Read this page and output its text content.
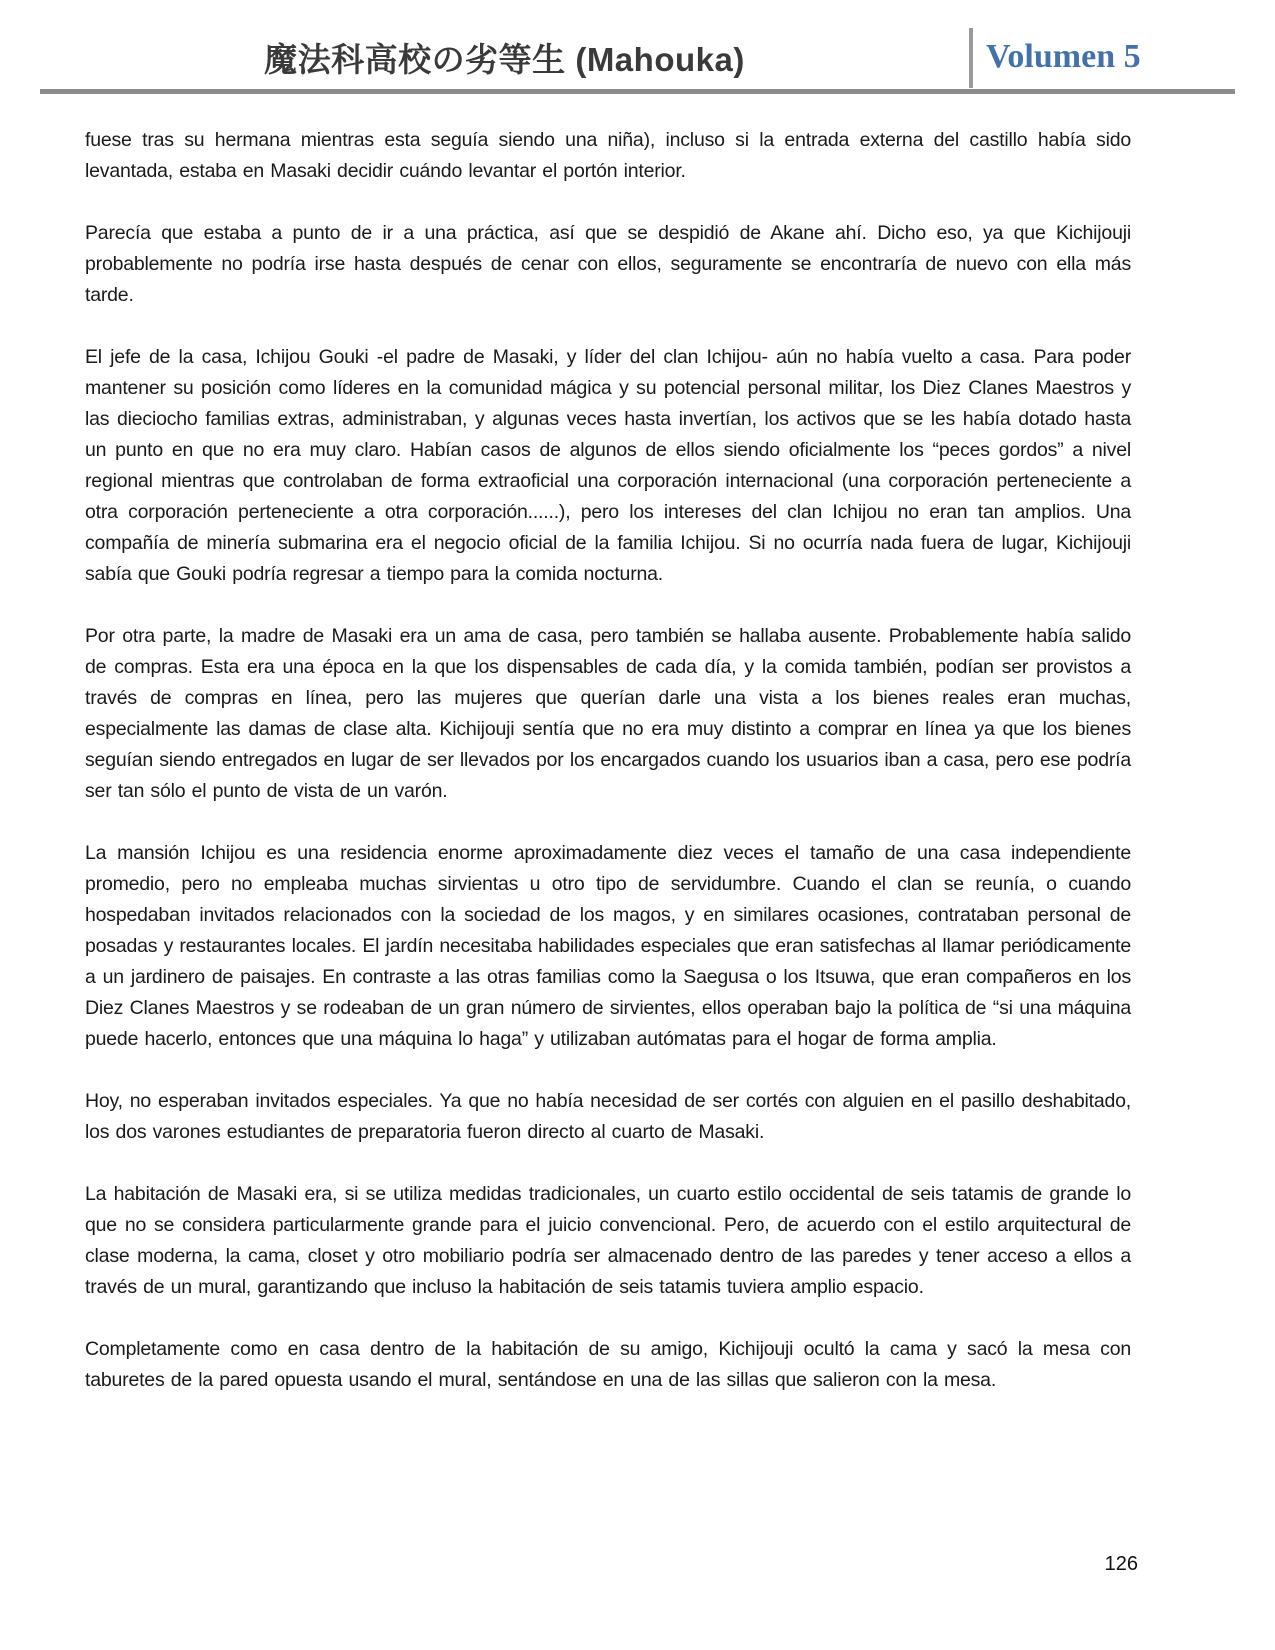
魔法科高校の劣等生 (Mahouka)	Volumen 5

fuese tras su hermana mientras esta seguía siendo una niña), incluso si la entrada externa del castillo había sido levantada, estaba en Masaki decidir cuándo levantar el portón interior.

Parecía que estaba a punto de ir a una práctica, así que se despidió de Akane ahí. Dicho eso, ya que Kichijouji probablemente no podría irse hasta después de cenar con ellos, seguramente se encontraría de nuevo con ella más tarde.

El jefe de la casa, Ichijou Gouki -el padre de Masaki, y líder del clan Ichijou- aún no había vuelto a casa. Para poder mantener su posición como líderes en la comunidad mágica y su potencial personal militar, los Diez Clanes Maestros y las dieciocho familias extras, administraban, y algunas veces hasta invertían, los activos que se les había dotado hasta un punto en que no era muy claro. Habían casos de algunos de ellos siendo oficialmente los “peces gordos” a nivel regional mientras que controlaban de forma extraoficial una corporación internacional (una corporación perteneciente a otra corporación perteneciente a otra corporación......), pero los intereses del clan Ichijou no eran tan amplios. Una compañía de minería submarina era el negocio oficial de la familia Ichijou. Si no ocurría nada fuera de lugar, Kichijouji sabía que Gouki podría regresar a tiempo para la comida nocturna.

Por otra parte, la madre de Masaki era un ama de casa, pero también se hallaba ausente. Probablemente había salido de compras. Esta era una época en la que los dispensables de cada día, y la comida también, podían ser provistos a través de compras en línea, pero las mujeres que querían darle una vista a los bienes reales eran muchas, especialmente las damas de clase alta. Kichijouji sentía que no era muy distinto a comprar en línea ya que los bienes seguían siendo entregados en lugar de ser llevados por los encargados cuando los usuarios iban a casa, pero ese podría ser tan sólo el punto de vista de un varón.

La mansión Ichijou es una residencia enorme aproximadamente diez veces el tamaño de una casa independiente promedio, pero no empleaba muchas sirvientas u otro tipo de servidumbre. Cuando el clan se reunía, o cuando hospedaban invitados relacionados con la sociedad de los magos, y en similares ocasiones, contrataban personal de posadas y restaurantes locales. El jardín necesitaba habilidades especiales que eran satisfechas al llamar periódicamente a un jardinero de paisajes. En contraste a las otras familias como la Saegusa o los Itsuwa, que eran compañeros en los Diez Clanes Maestros y se rodeaban de un gran número de sirvientes, ellos operaban bajo la política de “si una máquina puede hacerlo, entonces que una máquina lo haga” y utilizaban autómatas para el hogar de forma amplia.

Hoy, no esperaban invitados especiales. Ya que no había necesidad de ser cortés con alguien en el pasillo deshabitado, los dos varones estudiantes de preparatoria fueron directo al cuarto de Masaki.

La habitación de Masaki era, si se utiliza medidas tradicionales, un cuarto estilo occidental de seis tatamis de grande lo que no se considera particularmente grande para el juicio convencional. Pero, de acuerdo con el estilo arquitectural de clase moderna, la cama, closet y otro mobiliario podría ser almacenado dentro de las paredes y tener acceso a ellos a través de un mural, garantizando que incluso la habitación de seis tatamis tuviera amplio espacio.

Completamente como en casa dentro de la habitación de su amigo, Kichijouji ocultó la cama y sacó la mesa con taburetes de la pared opuesta usando el mural, sentándose en una de las sillas que salieron con la mesa.

126
